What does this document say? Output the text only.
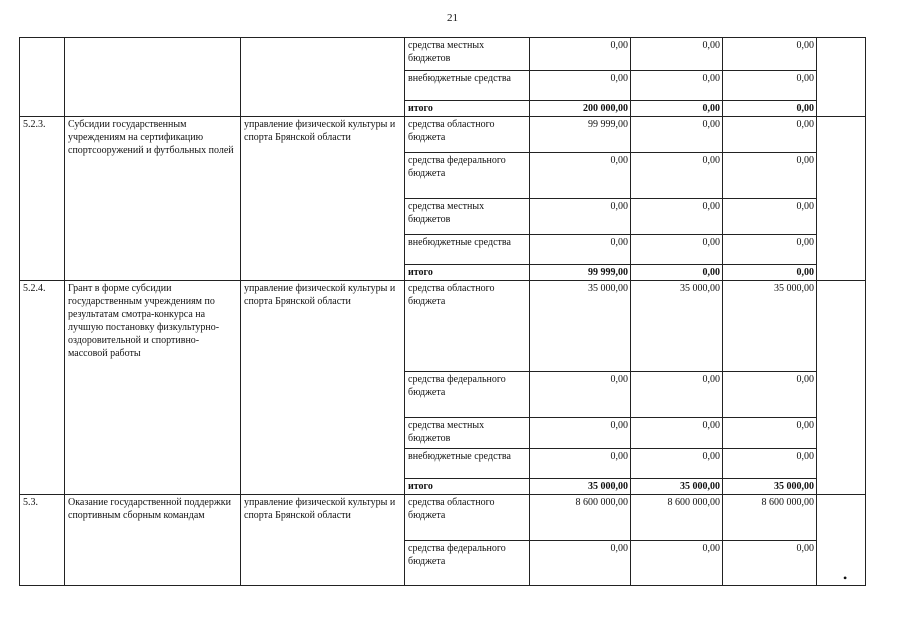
21
			средства местных бюджетов	0,00	0,00	0,00	
			внебюджетные средства	0,00	0,00	0,00	
			итого	200 000,00	0,00	0,00	
5.2.3.	Субсидии государственным учреждениям на сертификацию спортсооружений и футбольных полей	управление физической культуры и спорта Брянской области	средства областного бюджета	99 999,00	0,00	0,00	
			средства федерального бюджета	0,00	0,00	0,00	
			средства местных бюджетов	0,00	0,00	0,00	
			внебюджетные средства	0,00	0,00	0,00	
			итого	99 999,00	0,00	0,00	
5.2.4.	Грант в форме субсидии государственным учреждениям по результатам смотра-конкурса на лучшую постановку физкультурно-оздоровительной и спортивно-массовой работы	управление физической культуры и спорта Брянской области	средства областного бюджета	35 000,00	35 000,00	35 000,00	
			средства федерального бюджета	0,00	0,00	0,00	
			средства местных бюджетов	0,00	0,00	0,00	
			внебюджетные средства	0,00	0,00	0,00	
			итого	35 000,00	35 000,00	35 000,00	
5.3.	Оказание государственной поддержки спортивным сборным командам	управление физической культуры и спорта Брянской области	средства областного бюджета	8 600 000,00	8 600 000,00	8 600 000,00	
			средства федерального бюджета	0,00	0,00	0,00	
•
